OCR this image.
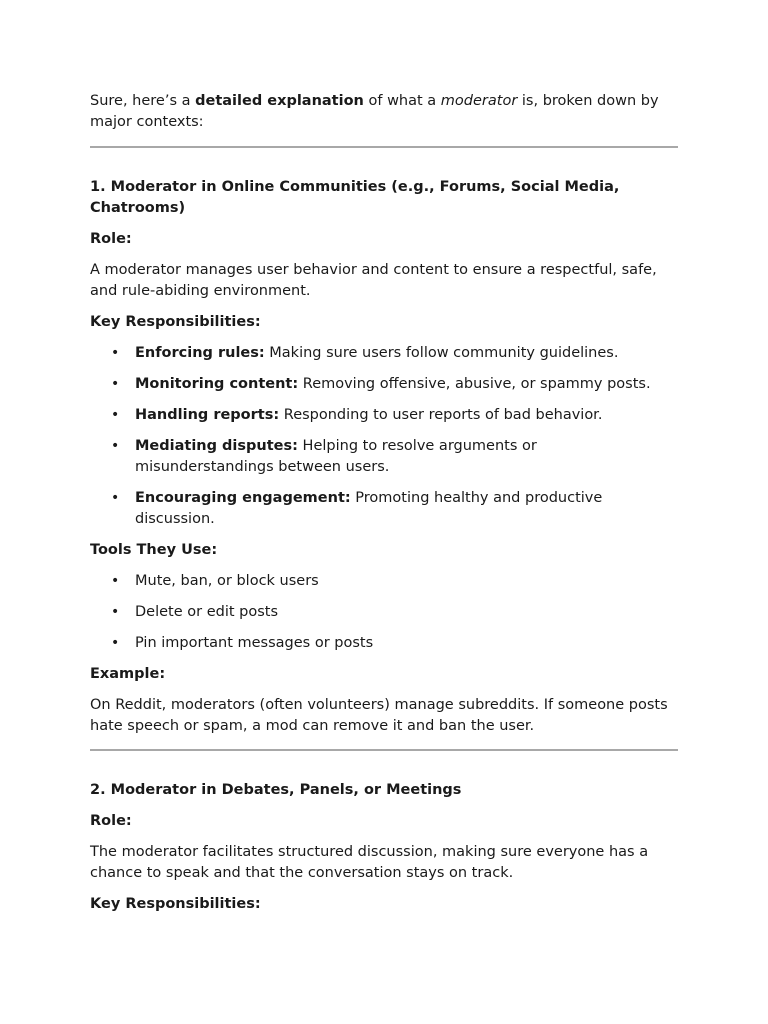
Sure, here’s a detailed explanation of what a moderator is, broken down by major contexts:

1. Moderator in Online Communities (e.g., Forums, Social Media, Chatrooms)

Role:

A moderator manages user behavior and content to ensure a respectful, safe, and rule-abiding environment.

Key Responsibilities:

• Enforcing rules: Making sure users follow community guidelines.
• Monitoring content: Removing offensive, abusive, or spammy posts.
• Handling reports: Responding to user reports of bad behavior.
• Mediating disputes: Helping to resolve arguments or misunderstandings between users.
• Encouraging engagement: Promoting healthy and productive discussion.

Tools They Use:

• Mute, ban, or block users
• Delete or edit posts
• Pin important messages or posts

Example:

On Reddit, moderators (often volunteers) manage subreddits. If someone posts hate speech or spam, a mod can remove it and ban the user.

2. Moderator in Debates, Panels, or Meetings

Role:

The moderator facilitates structured discussion, making sure everyone has a chance to speak and that the conversation stays on track.

Key Responsibilities:
